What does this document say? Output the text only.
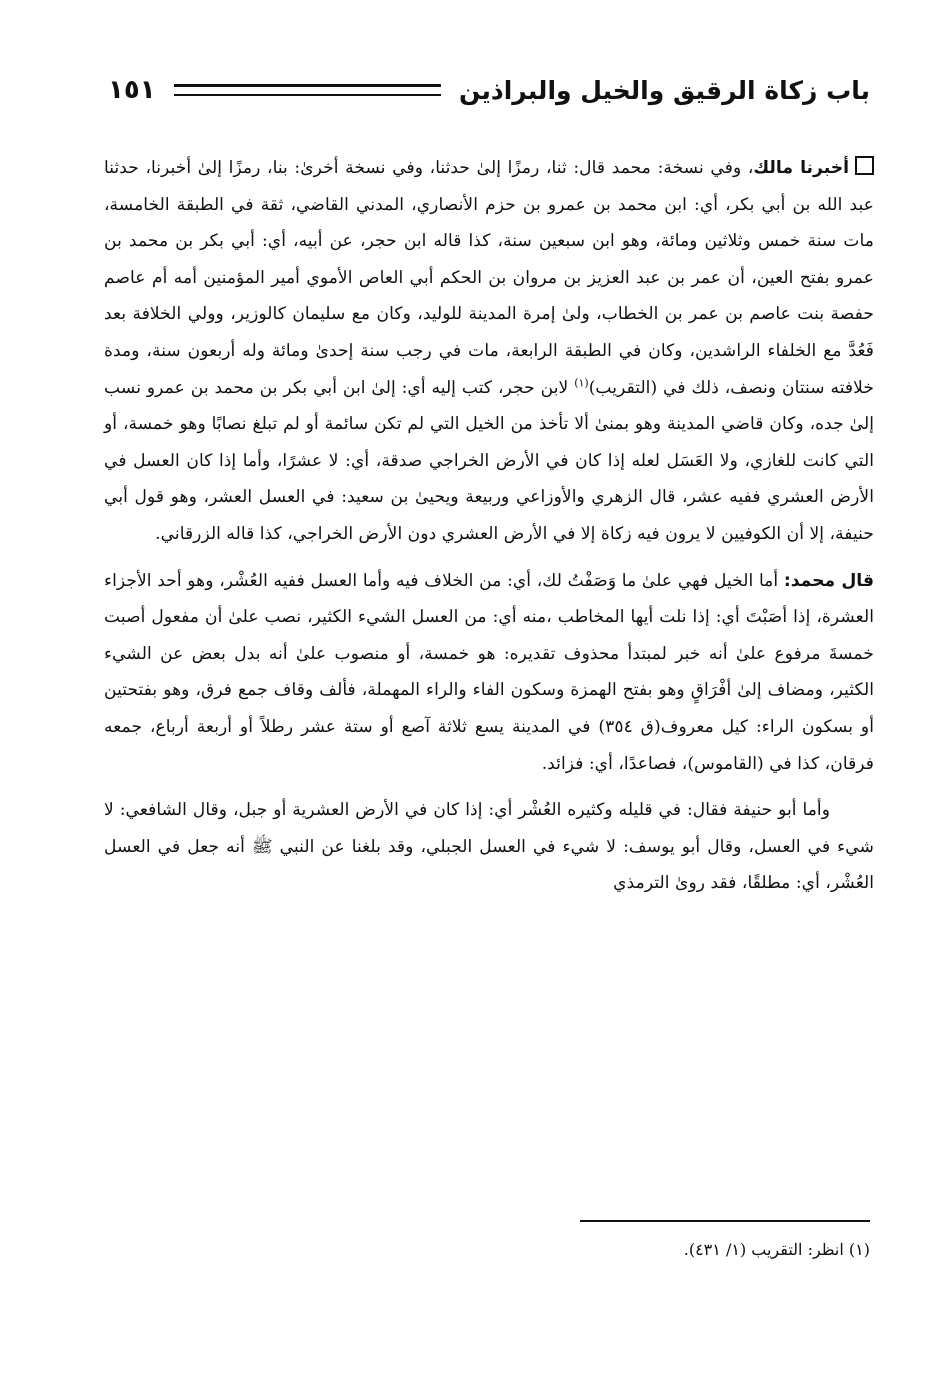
باب زكاة الرقيق والخيل والبراذين
١٥١

أخبرنا مالك، وفي نسخة: محمد قال: ثنا، رمزًا إلىٰ حدثنا، وفي نسخة أخرىٰ: بنا، رمزًا إلىٰ أخبرنا، حدثنا عبد الله بن أبي بكر، أي: ابن محمد بن عمرو بن حزم الأنصاري، المدني القاضي، ثقة في الطبقة الخامسة، مات سنة خمس وثلاثين ومائة، وهو ابن سبعين سنة، كذا قاله ابن حجر، عن أبيه، أي: أبي بكر بن محمد بن عمرو بفتح العين، أن عمر بن عبد العزيز بن مروان بن الحكم أبي العاص الأموي أمير المؤمنين أمه أم عاصم حفصة بنت عاصم بن عمر بن الخطاب، ولىٰ إمرة المدينة للوليد، وكان مع سليمان كالوزير، وولي الخلافة بعد فَعُدَّ مع الخلفاء الراشدين، وكان في الطبقة الرابعة، مات في رجب سنة إحدىٰ ومائة وله أربعون سنة، ومدة خلافته سنتان ونصف، ذلك في (التقريب)$^{(١)}$ لابن حجر، كتب إليه أي: إلىٰ ابن أبي بكر بن محمد بن عمرو نسب إلىٰ جده، وكان قاضي المدينة وهو بمنىٰ ألا تأخذ من الخيل التي لم تكن سائمة أو لم تبلغ نصابًا وهو خمسة، أو التي كانت للغازي، ولا العَسَل لعله إذا كان في الأرض الخراجي صدقة، أي: لا عشرًا، وأما إذا كان العسل في الأرض العشري ففيه عشر، قال الزهري والأوزاعي وربيعة ويحيىٰ بن سعيد: في العسل العشر، وهو قول أبي حنيفة، إلا أن الكوفيين لا يرون فيه زكاة إلا في الأرض العشري دون الأرض الخراجي، كذا قاله الزرقاني.

قال محمد: أما الخيل فهي علىٰ ما وَصَفْتُ لك، أي: من الخلاف فيه وأما العسل ففيه العُشْر، وهو أحد الأجزاء العشرة، إذا أصَبْتَ أي: إذا نلت أيها المخاطب ،منه أي: من العسل الشيء الكثير، نصب علىٰ أن مفعول أصبت خمسةَ مرفوع علىٰ أنه خبر لمبتدأ محذوف تقديره: هو خمسة، أو منصوب علىٰ أنه بدل بعض عن الشيء الكثير، ومضاف إلىٰ أفْرَاقٍ وهو بفتح الهمزة وسكون الفاء والراء المهملة، فألف وقاف جمع فرق، وهو بفتحتين أو بسكون الراء: كيل معروف(ق ٣٥٤) في المدينة يسع ثلاثة آصع أو ستة عشر رطلاً أو أربعة أرباع، جمعه فرقان، كذا في (القاموس)، فصاعدًا، أي: فزائد.

وأما أبو حنيفة فقال: في قليله وكثيره العُشْر أي: إذا كان في الأرض العشرية أو جبل، وقال الشافعي: لا شيء في العسل، وقال أبو يوسف: لا شيء في العسل الجبلي، وقد بلغنا عن النبي ﷺ أنه جعل في العسل العُشْر، أي: مطلقًا، فقد روىٰ الترمذي

(١) انظر: التقريب (١/ ٤٣١).
